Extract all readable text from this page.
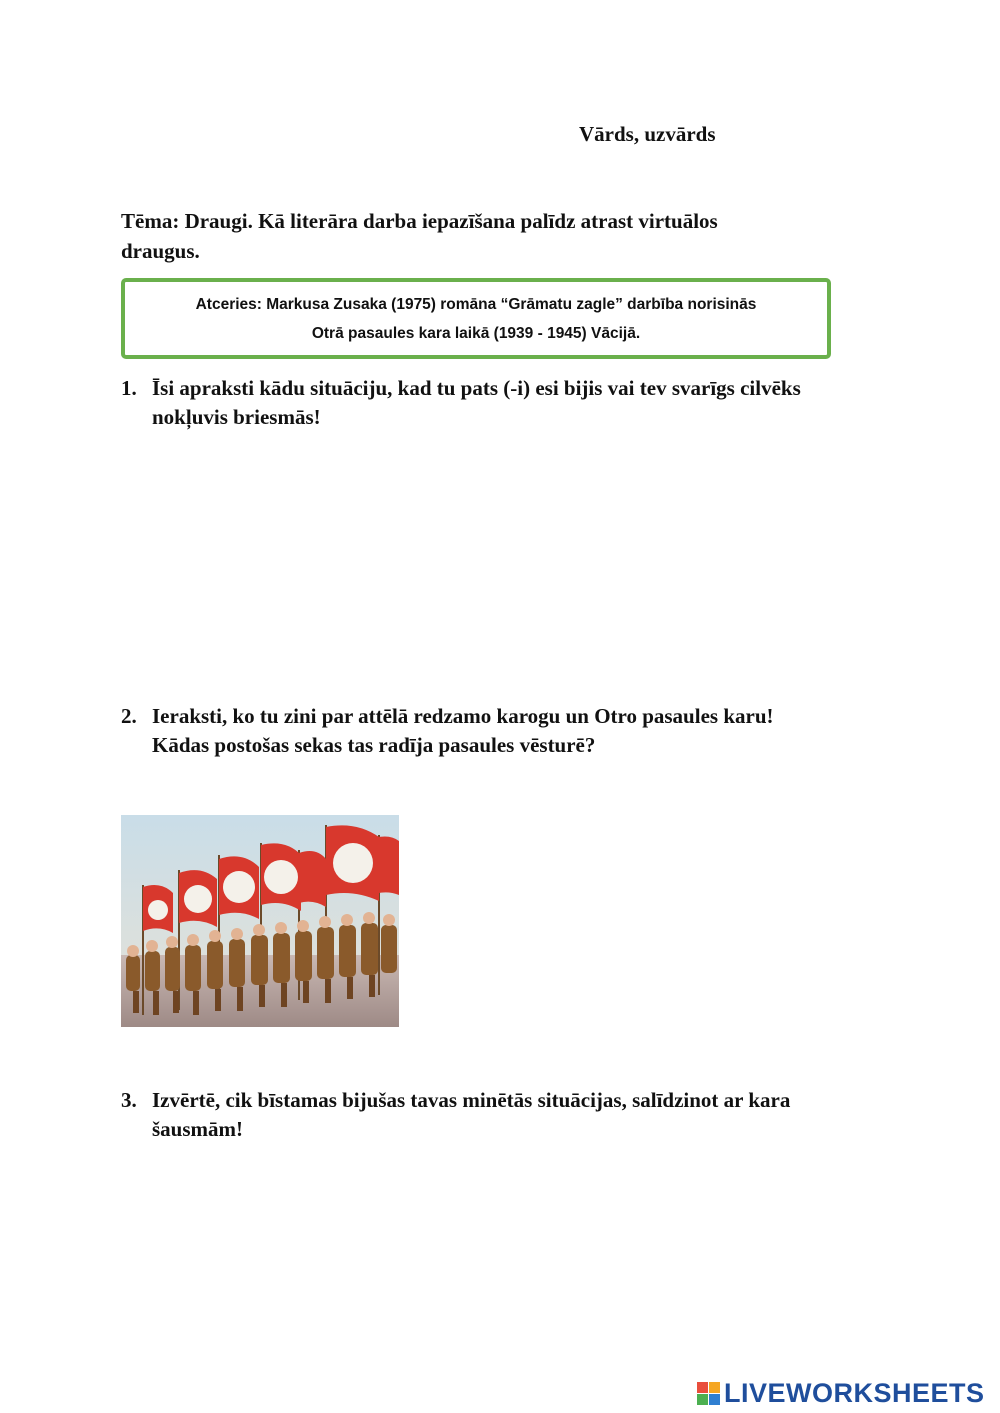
Vārds, uzvārds
Tēma: Draugi. Kā literāra darba iepazīšana palīdz atrast virtuālos
draugus.
Atceries: Markusa Zusaka (1975) romāna “Grāmatu zagle” darbība norisinās
Otrā pasaules kara laikā (1939 - 1945) Vācijā.
1. Īsi apraksti kādu situāciju, kad tu pats (-i) esi bijis vai tev svarīgs cilvēks
nokļuvis briesmās!
2. Ieraksti, ko tu zini par attēlā redzamo karogu un Otro pasaules karu!
Kādas postošas sekas tas radīja pasaules vēsturē?
3. Izvērtē, cik bīstamas bijušas tavas minētās situācijas, salīdzinot ar kara
šausmām!
LIVEWORKSHEETS
